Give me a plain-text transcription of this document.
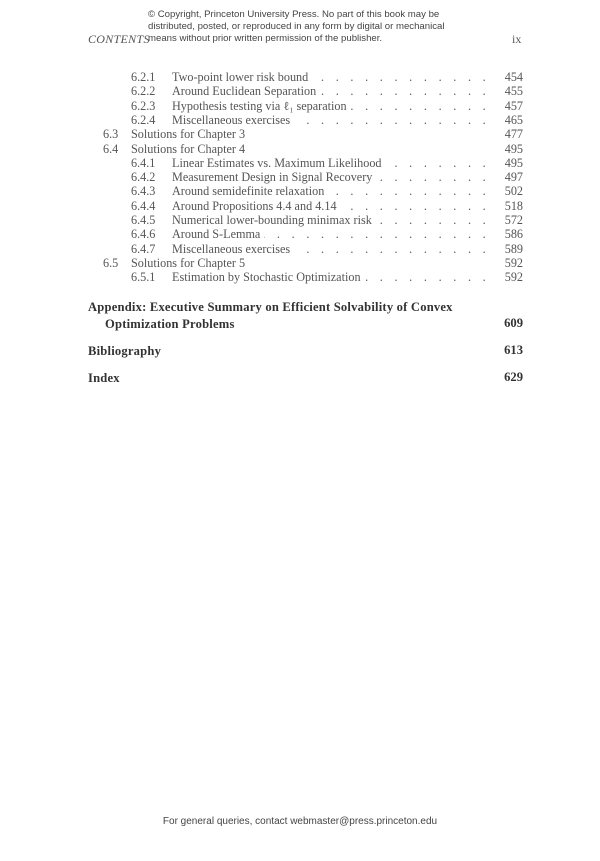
© Copyright, Princeton University Press. No part of this book may be
distributed, posted, or reproduced in any form by digital or mechanical
means without prior written permission of the publisher.
CONTENTS	ix
6.2.1 Two-point lower risk bound	454
. . .
6.2.2 Around Euclidean Separation	455
. . .
6.2.3 Hypothesis testing via ℓ₁ separation	457
. . .
6.2.4 Miscellaneous exercises	465
. . .
6.3 Solutions for Chapter 3	477
6.4 Solutions for Chapter 4	495
6.4.1 Linear Estimates vs. Maximum Likelihood	495
. . .
6.4.2 Measurement Design in Signal Recovery	497
. . .
6.4.3 Around semidefinite relaxation	502
. . .
6.4.4 Around Propositions 4.4 and 4.14	518
. . .
6.4.5 Numerical lower-bounding minimax risk	572
. . .
6.4.6 Around S-Lemma	586
. . .
6.4.7 Miscellaneous exercises	589
. . .
6.5 Solutions for Chapter 5	592
6.5.1 Estimation by Stochastic Optimization	592
. . .
Appendix: Executive Summary on Efficient Solvability of Convex
Optimization Problems	609
Bibliography	613
Index	629
For general queries, contact webmaster@press.princeton.edu
